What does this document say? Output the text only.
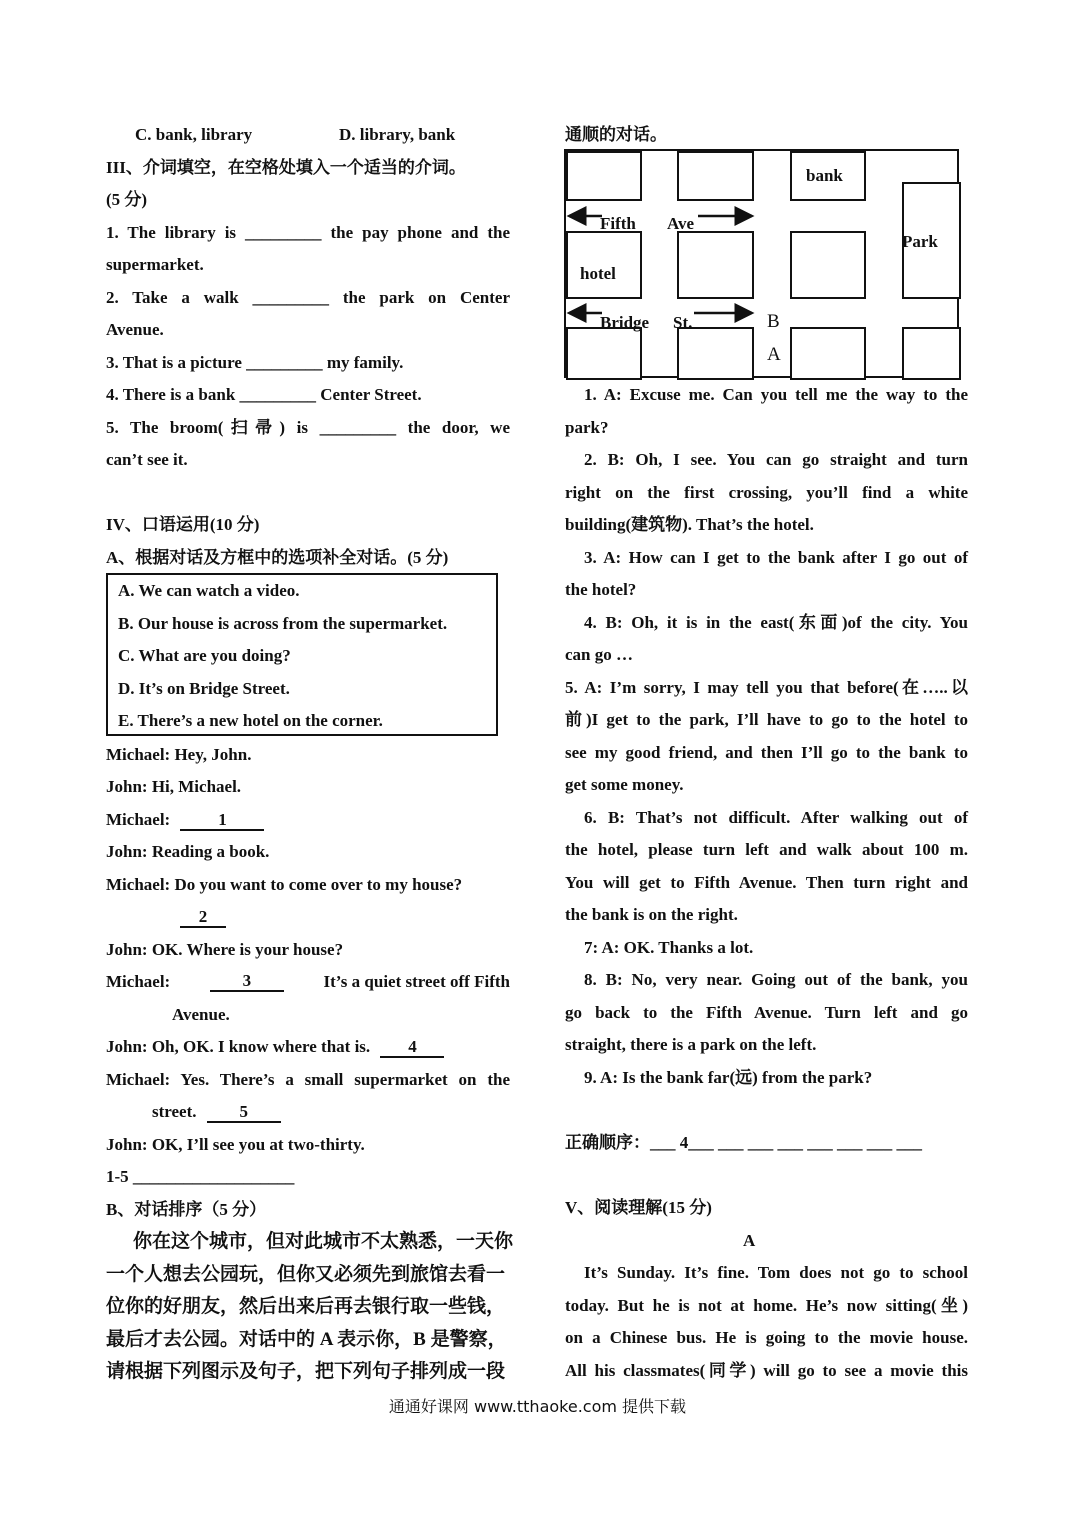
C. bank, library	D. library, bank
III、介词填空，在空格处填入一个适当的介词。
(5 分)
1. The library is _________ the pay phone and the
supermarket.
2. Take a walk _________ the park on Center
Avenue.
3. That is a picture _________ my family.
4. There is a bank _________ Center Street.
5. The broom(扫帚) is _________ the door, we
can’t see it.
IV、口语运用(10 分)
A、根据对话及方框中的选项补全对话。(5 分)
A. We can watch a video.
B. Our house is across from the supermarket.
C. What are you doing?
D. It’s on Bridge Street.
E. There’s a new hotel on the corner.
Michael: Hey, John.
John: Hi, Michael.
Michael:	1
John: Reading a book.
Michael: Do you want to come over to my house?
2
John: OK. Where is your house?
Michael:	3	It’s a quiet street off Fifth
Avenue.
John: Oh, OK. I know where that is. 4
Michael: Yes. There’s a small supermarket on the
street.	5
John: OK, I’ll see you at two-thirty.
1-5 ___________________
B、对话排序（5 分）
你在这个城市，但对此城市不太熟悉，一天你
一个人想去公园玩，但你又必须先到旅馆去看一
位你的好朋友，然后出来后再去银行取一些钱，
最后才去公园。对话中的 A 表示你，B 是警察，
请根据下列图示及句子，把下列句子排列成一段
通顺的对话。
bank
Park
hotel
Fifth Ave
Bridge St.	B
A
1. A: Excuse me. Can you tell me the way to the
park?
2. B: Oh, I see. You can go straight and turn
right on the first crossing, you’ll find a white
building(建筑物). That’s the hotel.
3. A: How can I get to the bank after I go out of
the hotel?
4. B: Oh, it is in the east(东面)of the city. You
can go …
5. A: I’m sorry, I may tell you that before(在…..以
前)I get to the park, I’ll have to go to the hotel to
see my good friend, and then I’ll go to the bank to
get some money.
6. B: That’s not difficult. After walking out of
the hotel, please turn left and walk about 100 m.
You will get to Fifth Avenue. Then turn right and
the bank is on the right.
7: A: OK. Thanks a lot.
8. B: No, very near. Going out of the bank, you
go back to the Fifth Avenue. Turn left and go
straight, there is a park on the left.
9. A: Is the bank far(远) from the park?
正确顺序：___ 4___ ___ ___ ___ ___ ___ ___ ___
V、阅读理解(15 分)
A
It’s Sunday. It’s fine. Tom does not go to school
today. But he is not at home. He’s now sitting(坐)
on a Chinese bus. He is going to the movie house.
All his classmates(同学) will go to see a movie this
通通好课网 www.tthaoke.com 提供下载
